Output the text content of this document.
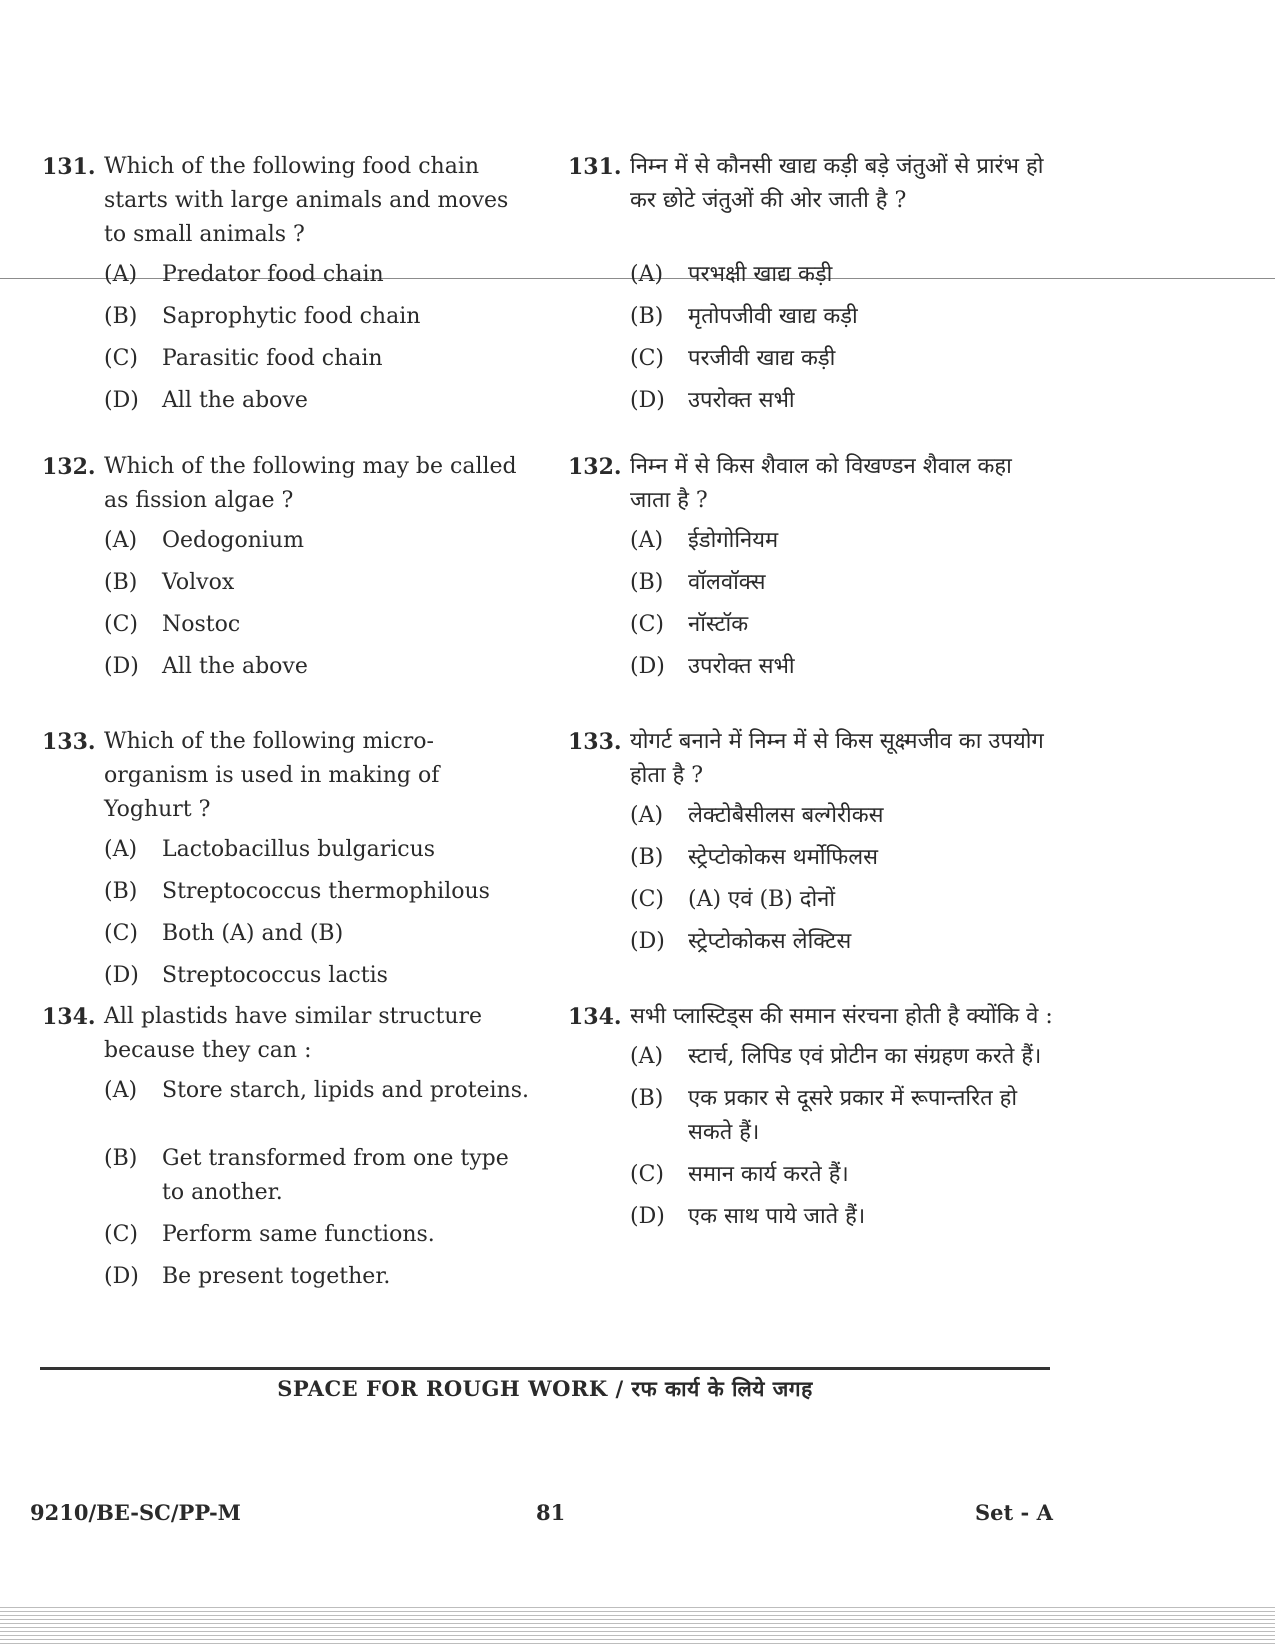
131. Which of the following food chain starts with large animals and moves to small animals ?
(A)	Predator food chain
(B)	Saprophytic food chain
(C)	Parasitic food chain
(D)	All the above
132. Which of the following may be called as fission algae ?
(A)	Oedogonium
(B)	Volvox
(C)	Nostoc
(D)	All the above
133. Which of the following micro-organism is used in making of Yoghurt ?
(A)	Lactobacillus bulgaricus
(B)	Streptococcus thermophilous
(C)	Both (A) and (B)
(D)	Streptococcus lactis
134. All plastids have similar structure because they can :
(A)	Store starch, lipids and proteins.
(B)	Get transformed from one type to another.
(C)	Perform same functions.
(D)	Be present together.
131. निम्न में से कौनसी खाद्य कड़ी बड़े जंतुओं से प्रारंभ हो कर छोटे जंतुओं की ओर जाती है ?
(A)	परभक्षी खाद्य कड़ी
(B)	मृतोपजीवी खाद्य कड़ी
(C)	परजीवी खाद्य कड़ी
(D)	उपरोक्त सभी
132. निम्न में से किस शैवाल को विखण्डन शैवाल कहा जाता है ?
(A)	ईडोगोनियम
(B)	वॉलवॉक्स
(C)	नॉस्टॉक
(D)	उपरोक्त सभी
133. योगर्ट बनाने में निम्न में से किस सूक्ष्मजीव का उपयोग होता है ?
(A)	लेक्टोबैसीलस बल्गेरीकस
(B)	स्ट्रेप्टोकोकस थर्मोफिलस
(C)	(A) एवं (B) दोनों
(D)	स्ट्रेप्टोकोकस लेक्टिस
134. सभी प्लास्टिड्स की समान संरचना होती है क्योंकि वे :
(A)	स्टार्च, लिपिड एवं प्रोटीन का संग्रहण करते हैं।
(B)	एक प्रकार से दूसरे प्रकार में रूपान्तरित हो सकते हैं।
(C)	समान कार्य करते हैं।
(D)	एक साथ पाये जाते हैं।
SPACE FOR ROUGH WORK / रफ कार्य के लिये जगह
9210/BE-SC/PP-M	81	Set - A
